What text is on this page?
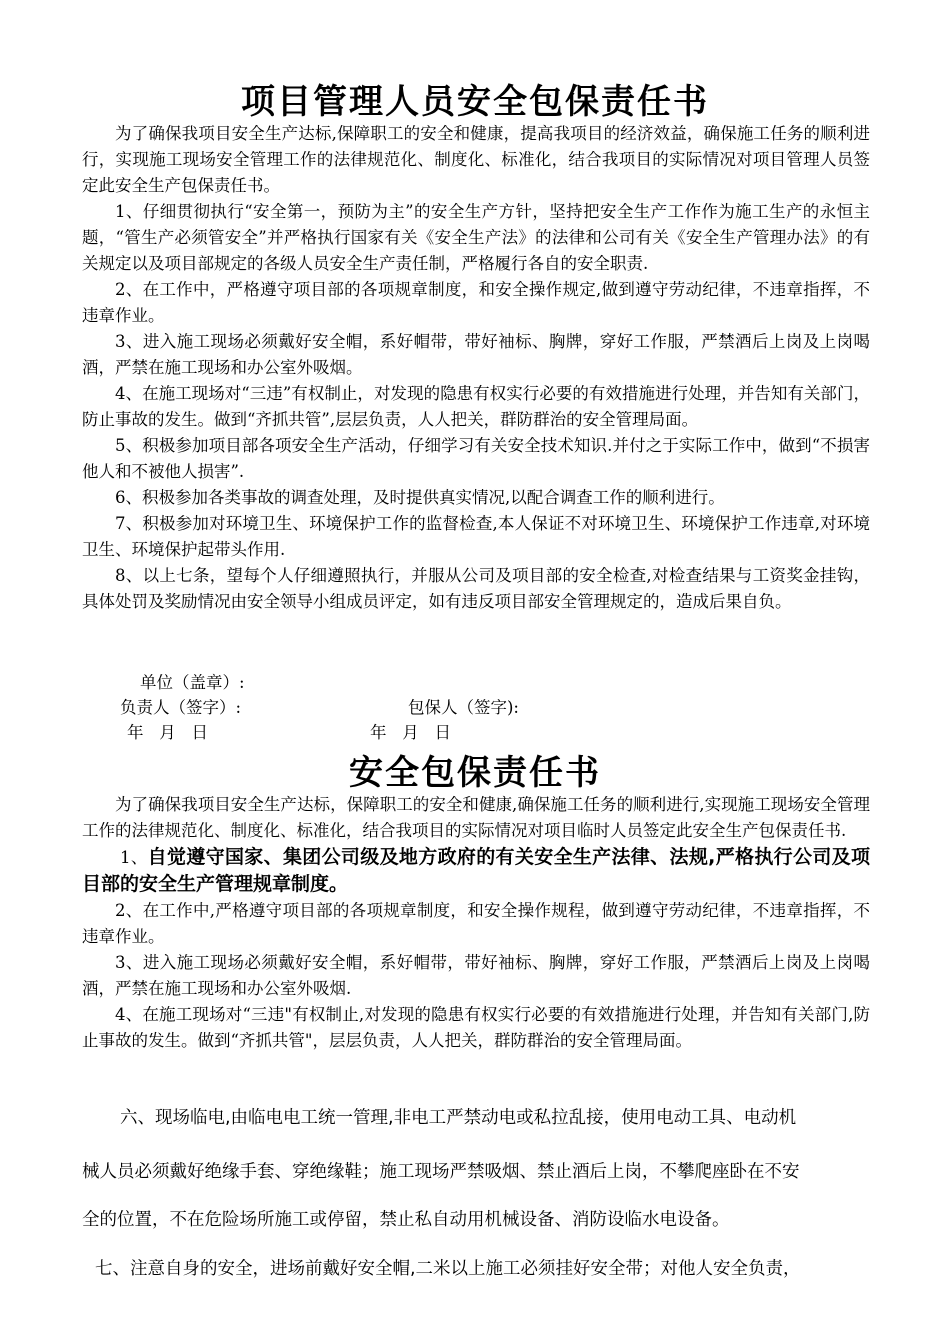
项目管理人员安全包保责任书

为了确保我项目安全生产达标,保障职工的安全和健康，提高我项目的经济效益，确保施工任务的顺利进行，实现施工现场安全管理工作的法律规范化、制度化、标准化，结合我项目的实际情况对项目管理人员签定此安全生产包保责任书。

1、仔细贯彻执行“安全第一，预防为主”的安全生产方针，坚持把安全生产工作作为施工生产的永恒主题，“管生产必须管安全”并严格执行国家有关《安全生产法》的法律和公司有关《安全生产管理办法》的有关规定以及项目部规定的各级人员安全生产责任制，严格履行各自的安全职责.

2、在工作中，严格遵守项目部的各项规章制度，和安全操作规定,做到遵守劳动纪律，不违章指挥，不违章作业。

3、进入施工现场必须戴好安全帽，系好帽带，带好袖标、胸牌，穿好工作服，严禁酒后上岗及上岗喝酒，严禁在施工现场和办公室外吸烟。

4、在施工现场对“三违”有权制止，对发现的隐患有权实行必要的有效措施进行处理，并告知有关部门，防止事故的发生。做到“齐抓共管”,层层负责，人人把关，群防群治的安全管理局面。

5、积极参加项目部各项安全生产活动，仔细学习有关安全技术知识.并付之于实际工作中，做到“不损害他人和不被他人损害”.

6、积极参加各类事故的调查处理，及时提供真实情况,以配合调查工作的顺利进行。

7、积极参加对环境卫生、环境保护工作的监督检查,本人保证不对环境卫生、环境保护工作违章,对环境卫生、环境保护起带头作用.

8、以上七条，望每个人仔细遵照执行，并服从公司及项目部的安全检查,对检查结果与工资奖金挂钩，具体处罚及奖励情况由安全领导小组成员评定，如有违反项目部安全管理规定的，造成后果自负。

单位（盖章）:
负责人（签字）:	包保人（签字):
年   月   日	年   月   日
安全包保责任书

为了确保我项目安全生产达标，保障职工的安全和健康,确保施工任务的顺利进行,实现施工现场安全管理工作的法律规范化、制度化、标准化，结合我项目的实际情况对项目临时人员签定此安全生产包保责任书.

1、自觉遵守国家、集团公司级及地方政府的有关安全生产法律、法规,严格执行公司及项目部的安全生产管理规章制度。

2、在工作中,严格遵守项目部的各项规章制度，和安全操作规程，做到遵守劳动纪律，不违章指挥，不违章作业。

3、进入施工现场必须戴好安全帽，系好帽带，带好袖标、胸牌，穿好工作服，严禁酒后上岗及上岗喝酒，严禁在施工现场和办公室外吸烟.

4、在施工现场对“三违"有权制止,对发现的隐患有权实行必要的有效措施进行处理，并告知有关部门,防止事故的发生。做到“齐抓共管"，层层负责，人人把关，群防群治的安全管理局面。

六、现场临电,由临电电工统一管理,非电工严禁动电或私拉乱接，使用电动工具、电动机
械人员必须戴好绝缘手套、穿绝缘鞋；施工现场严禁吸烟、禁止酒后上岗，不攀爬座卧在不安
全的位置，不在危险场所施工或停留，禁止私自动用机械设备、消防设临水电设备。
七、注意自身的安全，进场前戴好安全帽,二米以上施工必须挂好安全带；对他人安全负责，
